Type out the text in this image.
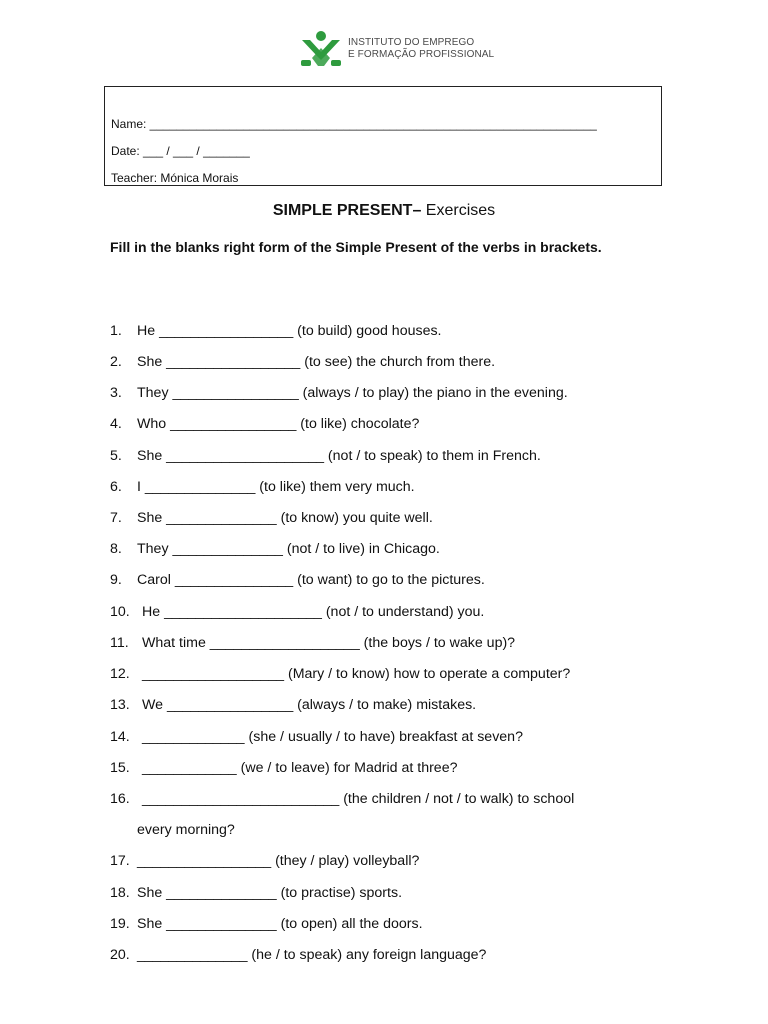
INSTITUTO DO EMPREGO
E FORMAÇÃO PROFISSIONAL
Name: ___________________________________________________________________
Date: ___ / ___ / _______
Teacher: Mónica Morais
SIMPLE PRESENT– Exercises
Fill in the blanks right form of the Simple Present of the verbs in brackets.
1. He _________________ (to build) good houses.
2. She _________________ (to see) the church from there.
3. They ________________ (always / to play) the piano in the evening.
4. Who ________________ (to like) chocolate?
5. She ____________________ (not / to speak) to them in French.
6. I ______________ (to like) them very much.
7. She ______________ (to know) you quite well.
8. They ______________ (not / to live) in Chicago.
9. Carol _______________ (to want) to go to the pictures.
10. He ____________________ (not / to understand) you.
11. What time ___________________ (the boys / to wake up)?
12. __________________ (Mary / to know) how to operate a computer?
13. We ________________ (always / to make) mistakes.
14. _____________ (she / usually / to have) breakfast at seven?
15. ____________ (we / to leave) for Madrid at three?
16. _________________________ (the children / not / to walk) to school
every morning?
17. _________________ (they / play) volleyball?
18. She ______________ (to practise) sports.
19. She ______________ (to open) all the doors.
20. ______________ (he / to speak) any foreign language?
